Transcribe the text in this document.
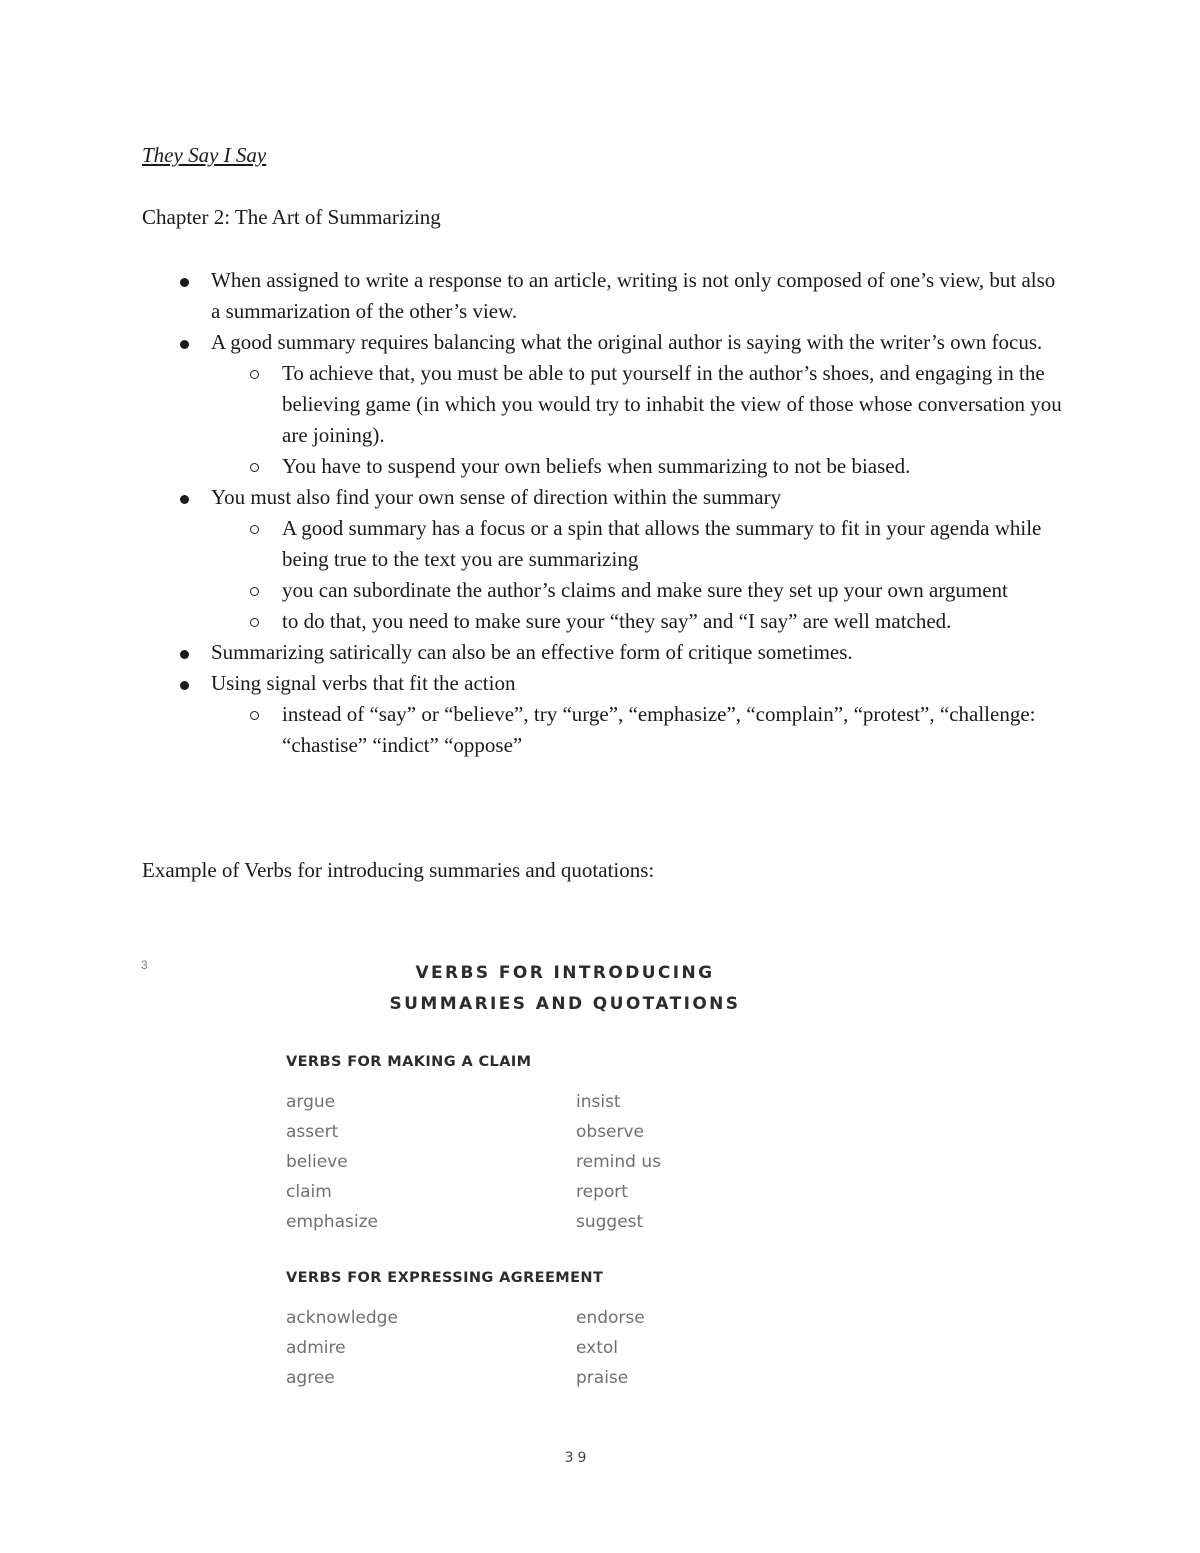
They Say I Say
Chapter 2: The Art of Summarizing
When assigned to write a response to an article, writing is not only composed of one’s view, but also a summarization of the other’s view.
A good summary requires balancing what the original author is saying with the writer’s own focus.
To achieve that, you must be able to put yourself in the author’s shoes, and engaging in the believing game (in which you would try to inhabit the view of those whose conversation you are joining).
You have to suspend your own beliefs when summarizing to not be biased.
You must also find your own sense of direction within the summary
A good summary has a focus or a spin that allows the summary to fit in your agenda while being true to the text you are summarizing
you can subordinate the author’s claims and make sure they set up your own argument
to do that, you need to make sure your “they say” and “I say” are well matched.
Summarizing satirically can also be an effective form of critique sometimes.
Using signal verbs that fit the action
instead of “say” or “believe”, try “urge”, “emphasize”, “complain”, “protest”, “challenge: “chastise” “indict” “oppose”

Example of Verbs for introducing summaries and quotations:

3	VERBS FOR INTRODUCING
SUMMARIES AND QUOTATIONS
VERBS FOR MAKING A CLAIM
argue	insist
assert	observe
believe	remind us
claim	report
emphasize	suggest
VERBS FOR EXPRESSING AGREEMENT
acknowledge	endorse
admire	extol
agree	praise
39
